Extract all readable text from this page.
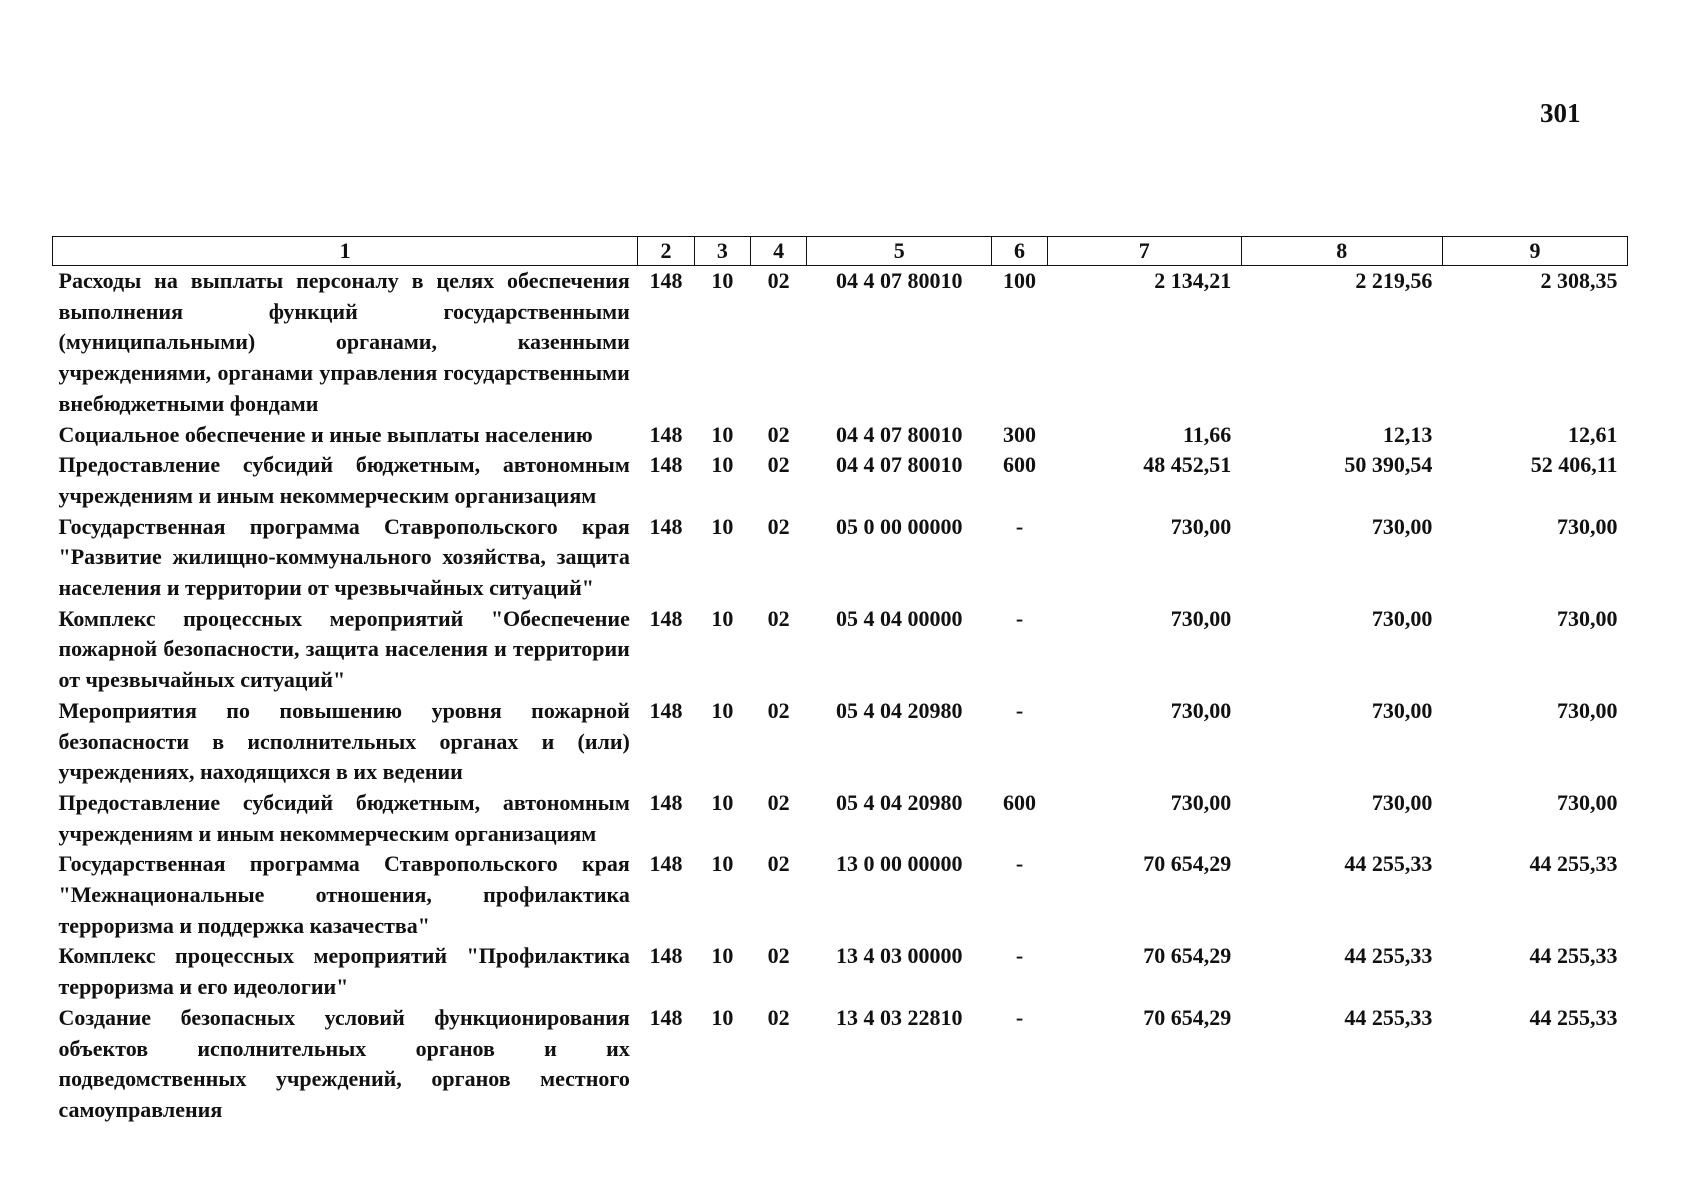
301
1	2	3	4	5	6	7	8	9
Расходы на выплаты персоналу в целях обеспечения выполнения функций государственными (муниципальными) органами, казенными учреждениями, органами управления государственными внебюджетными фондами	148	10	02	04 4 07 80010	100	2 134,21	2 219,56	2 308,35
Социальное обеспечение и иные выплаты населению	148	10	02	04 4 07 80010	300	11,66	12,13	12,61
Предоставление субсидий бюджетным, автономным учреждениям и иным некоммерческим организациям	148	10	02	04 4 07 80010	600	48 452,51	50 390,54	52 406,11
Государственная программа Ставропольского края "Развитие жилищно-коммунального хозяйства, защита населения и территории от чрезвычайных ситуаций"	148	10	02	05 0 00 00000	-	730,00	730,00	730,00
Комплекс процессных мероприятий "Обеспечение пожарной безопасности, защита населения и территории от чрезвычайных ситуаций"	148	10	02	05 4 04 00000	-	730,00	730,00	730,00
Мероприятия по повышению уровня пожарной безопасности в исполнительных органах и (или) учреждениях, находящихся в их ведении	148	10	02	05 4 04 20980	-	730,00	730,00	730,00
Предоставление субсидий бюджетным, автономным учреждениям и иным некоммерческим организациям	148	10	02	05 4 04 20980	600	730,00	730,00	730,00
Государственная программа Ставропольского края "Межнациональные отношения, профилактика терроризма и поддержка казачества"	148	10	02	13 0 00 00000	-	70 654,29	44 255,33	44 255,33
Комплекс процессных мероприятий "Профилактика терроризма и его идеологии"	148	10	02	13 4 03 00000	-	70 654,29	44 255,33	44 255,33
Создание безопасных условий функционирования объектов исполнительных органов и их подведомственных учреждений, органов местного самоуправления	148	10	02	13 4 03 22810	-	70 654,29	44 255,33	44 255,33
